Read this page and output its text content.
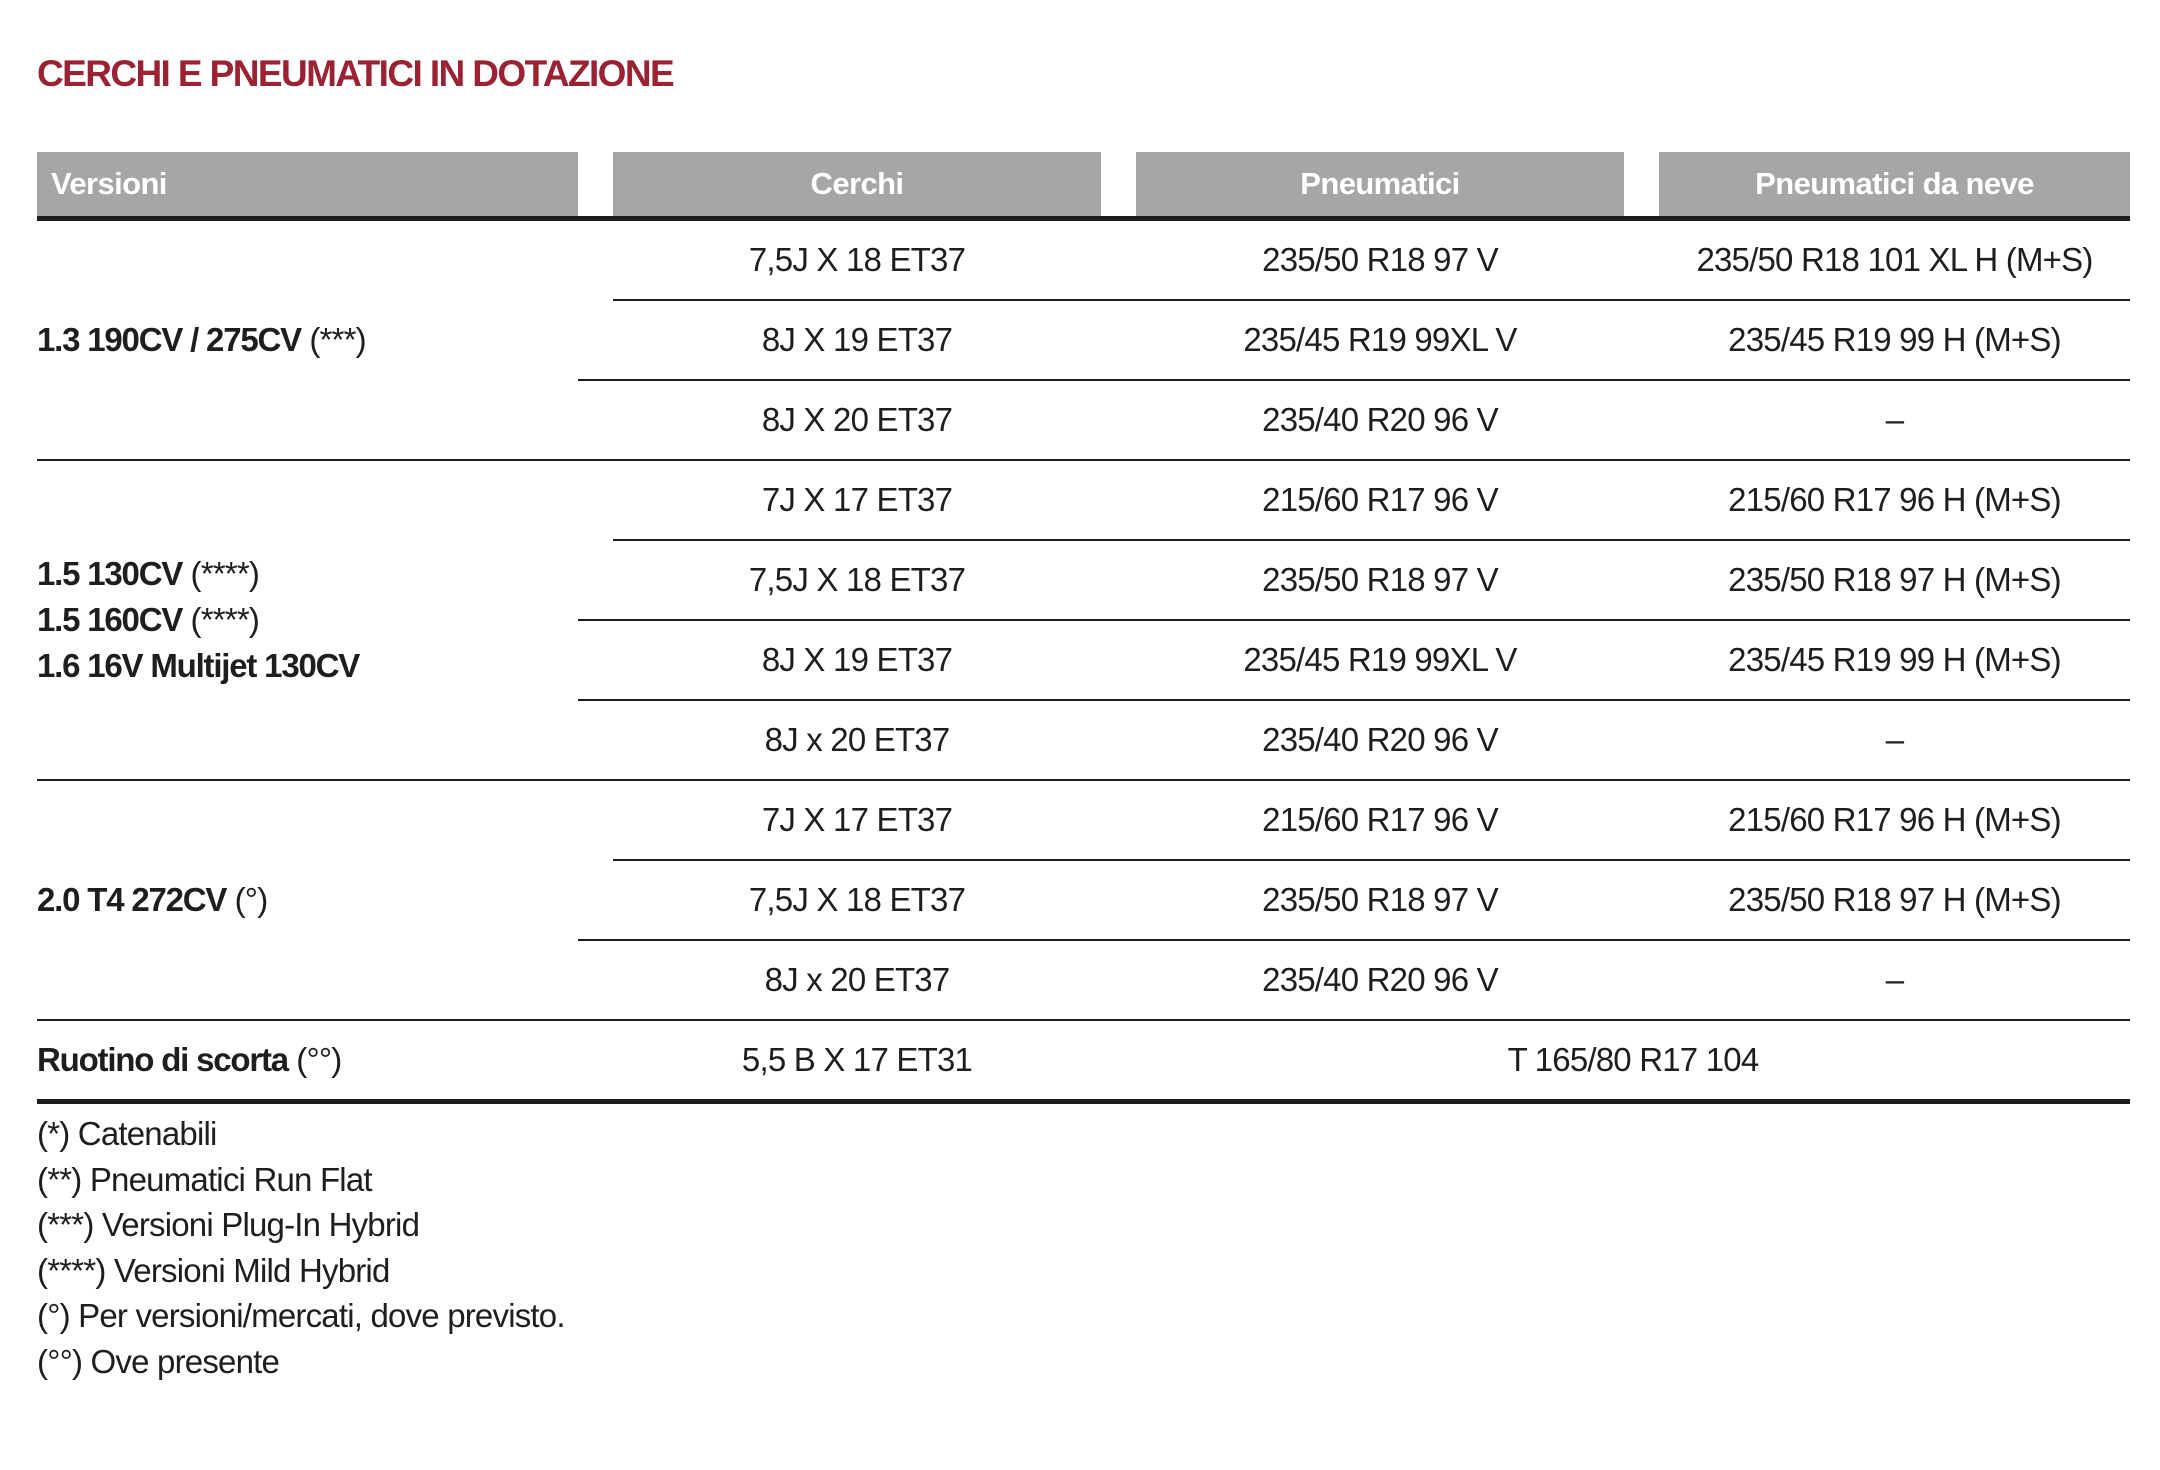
CERCHI E PNEUMATICI IN DOTAZIONE
Versioni		Cerchi		Pneumatici		Pneumatici da neve

1.3 190CV / 275CV (***)		7,5J X 18 ET37		235/50 R18 97 V		235/50 R18 101 XL H (M+S)
		8J X 19 ET37		235/45 R19 99XL V		235/45 R19 99 H (M+S)
		8J X 20 ET37		235/40 R20 96 V		–

1.5 130CV (****)
1.5 160CV (****)
1.6 16V Multijet 130CV		7J X 17 ET37		215/60 R17 96 V		215/60 R17 96 H (M+S)
		7,5J X 18 ET37		235/50 R18 97 V		235/50 R18 97 H (M+S)
		8J X 19 ET37		235/45 R19 99XL V		235/45 R19 99 H (M+S)
		8J x 20 ET37		235/40 R20 96 V		–

2.0 T4 272CV (°)		7J X 17 ET37		215/60 R17 96 V		215/60 R17 96 H (M+S)
		7,5J X 18 ET37		235/50 R18 97 V		235/50 R18 97 H (M+S)
		8J x 20 ET37		235/40 R20 96 V		–
Ruotino di scorta (°°)		5,5 B X 17 ET31		T 165/80 R17 104		
(*) Catenabili
(**) Pneumatici Run Flat
(***) Versioni Plug-In Hybrid
(****) Versioni Mild Hybrid
(°) Per versioni/mercati, dove previsto.
(°°) Ove presente
